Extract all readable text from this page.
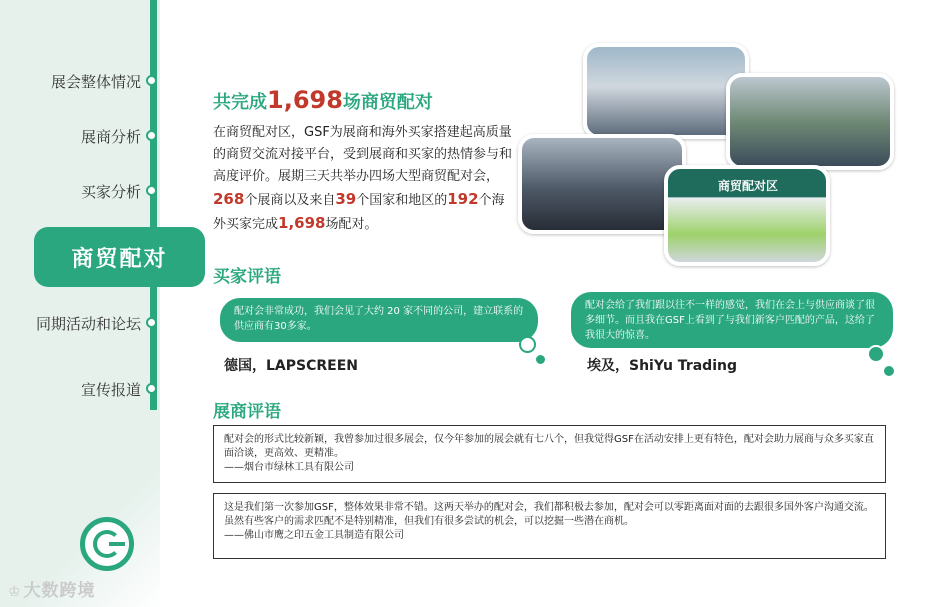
展会整体情况
展商分析
买家分析
商贸配对
同期活动和论坛
宣传报道
♔ 大数跨境
共完成1,698场商贸配对
在商贸配对区，GSF为展商和海外买家搭建起高质量的商贸交流对接平台，受到展商和买家的热情参与和高度评价。展期三天共举办四场大型商贸配对会，268个展商以及来自39个国家和地区的192个海外买家完成1,698场配对。
商贸配对区
买家评语
配对会非常成功，我们会见了大约 20 家不同的公司，建立联系的供应商有30多家。
德国，LAPSCREEN
配对会给了我们跟以往不一样的感觉，我们在会上与供应商谈了很多细节。而且我在GSF上看到了与我们新客户匹配的产品，这给了我很大的惊喜。
埃及，ShiYu Trading
展商评语
配对会的形式比较新颖，我曾参加过很多展会，仅今年参加的展会就有七八个，但我觉得GSF在活动安排上更有特色，配对会助力展商与众多买家直面洽谈，更高效、更精准。
——烟台市绿林工具有限公司
这是我们第一次参加GSF，整体效果非常不错。这两天举办的配对会，我们都积极去参加，配对会可以零距离面对面的去跟很多国外客户沟通交流。虽然有些客户的需求匹配不是特别精准，但我们有很多尝试的机会，可以挖掘一些潜在商机。
——佛山市鹰之印五金工具制造有限公司
